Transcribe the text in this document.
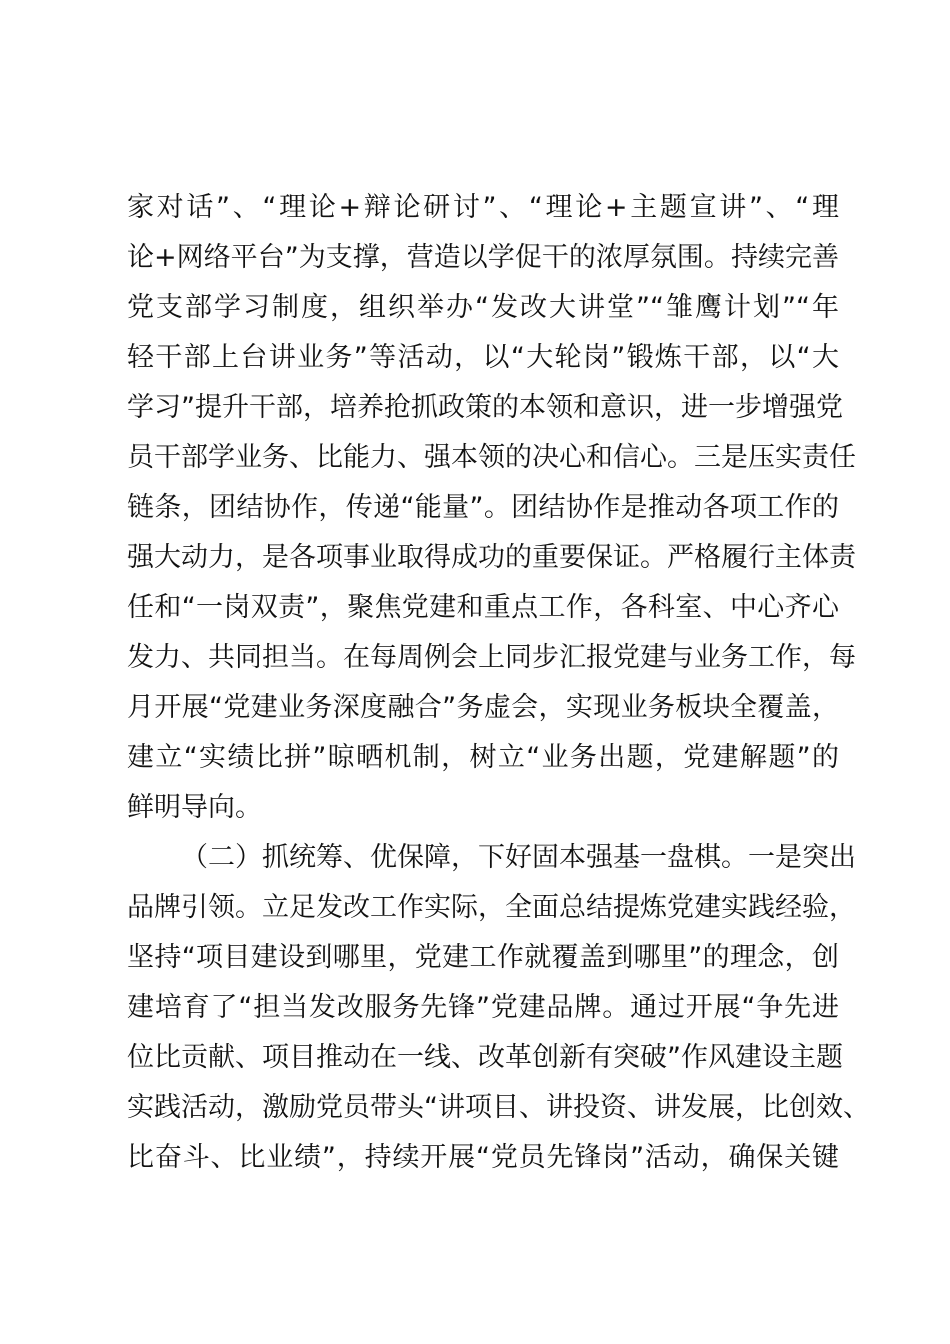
家对话”、“理论+辩论研讨”、“理论+主题宣讲”、“理
论+网络平台”为支撑，营造以学促干的浓厚氛围。持续完善
党支部学习制度，组织举办“发改大讲堂”“雏鹰计划”“年
轻干部上台讲业务”等活动，以“大轮岗”锻炼干部，以“大
学习”提升干部，培养抢抓政策的本领和意识，进一步增强党
员干部学业务、比能力、强本领的决心和信心。三是压实责任
链条，团结协作，传递“能量”。团结协作是推动各项工作的
强大动力，是各项事业取得成功的重要保证。严格履行主体责
任和“一岗双责”，聚焦党建和重点工作，各科室、中心齐心
发力、共同担当。在每周例会上同步汇报党建与业务工作，每
月开展“党建业务深度融合”务虚会，实现业务板块全覆盖，
建立“实绩比拼”晾晒机制，树立“业务出题，党建解题”的
鲜明导向。
（二）抓统筹、优保障，下好固本强基一盘棋。一是突出
品牌引领。立足发改工作实际，全面总结提炼党建实践经验，
坚持“项目建设到哪里，党建工作就覆盖到哪里”的理念，创
建培育了“担当发改服务先锋”党建品牌。通过开展“争先进
位比贡献、项目推动在一线、改革创新有突破”作风建设主题
实践活动，激励党员带头“讲项目、讲投资、讲发展，比创效、
比奋斗、比业绩”，持续开展“党员先锋岗”活动，确保关键
